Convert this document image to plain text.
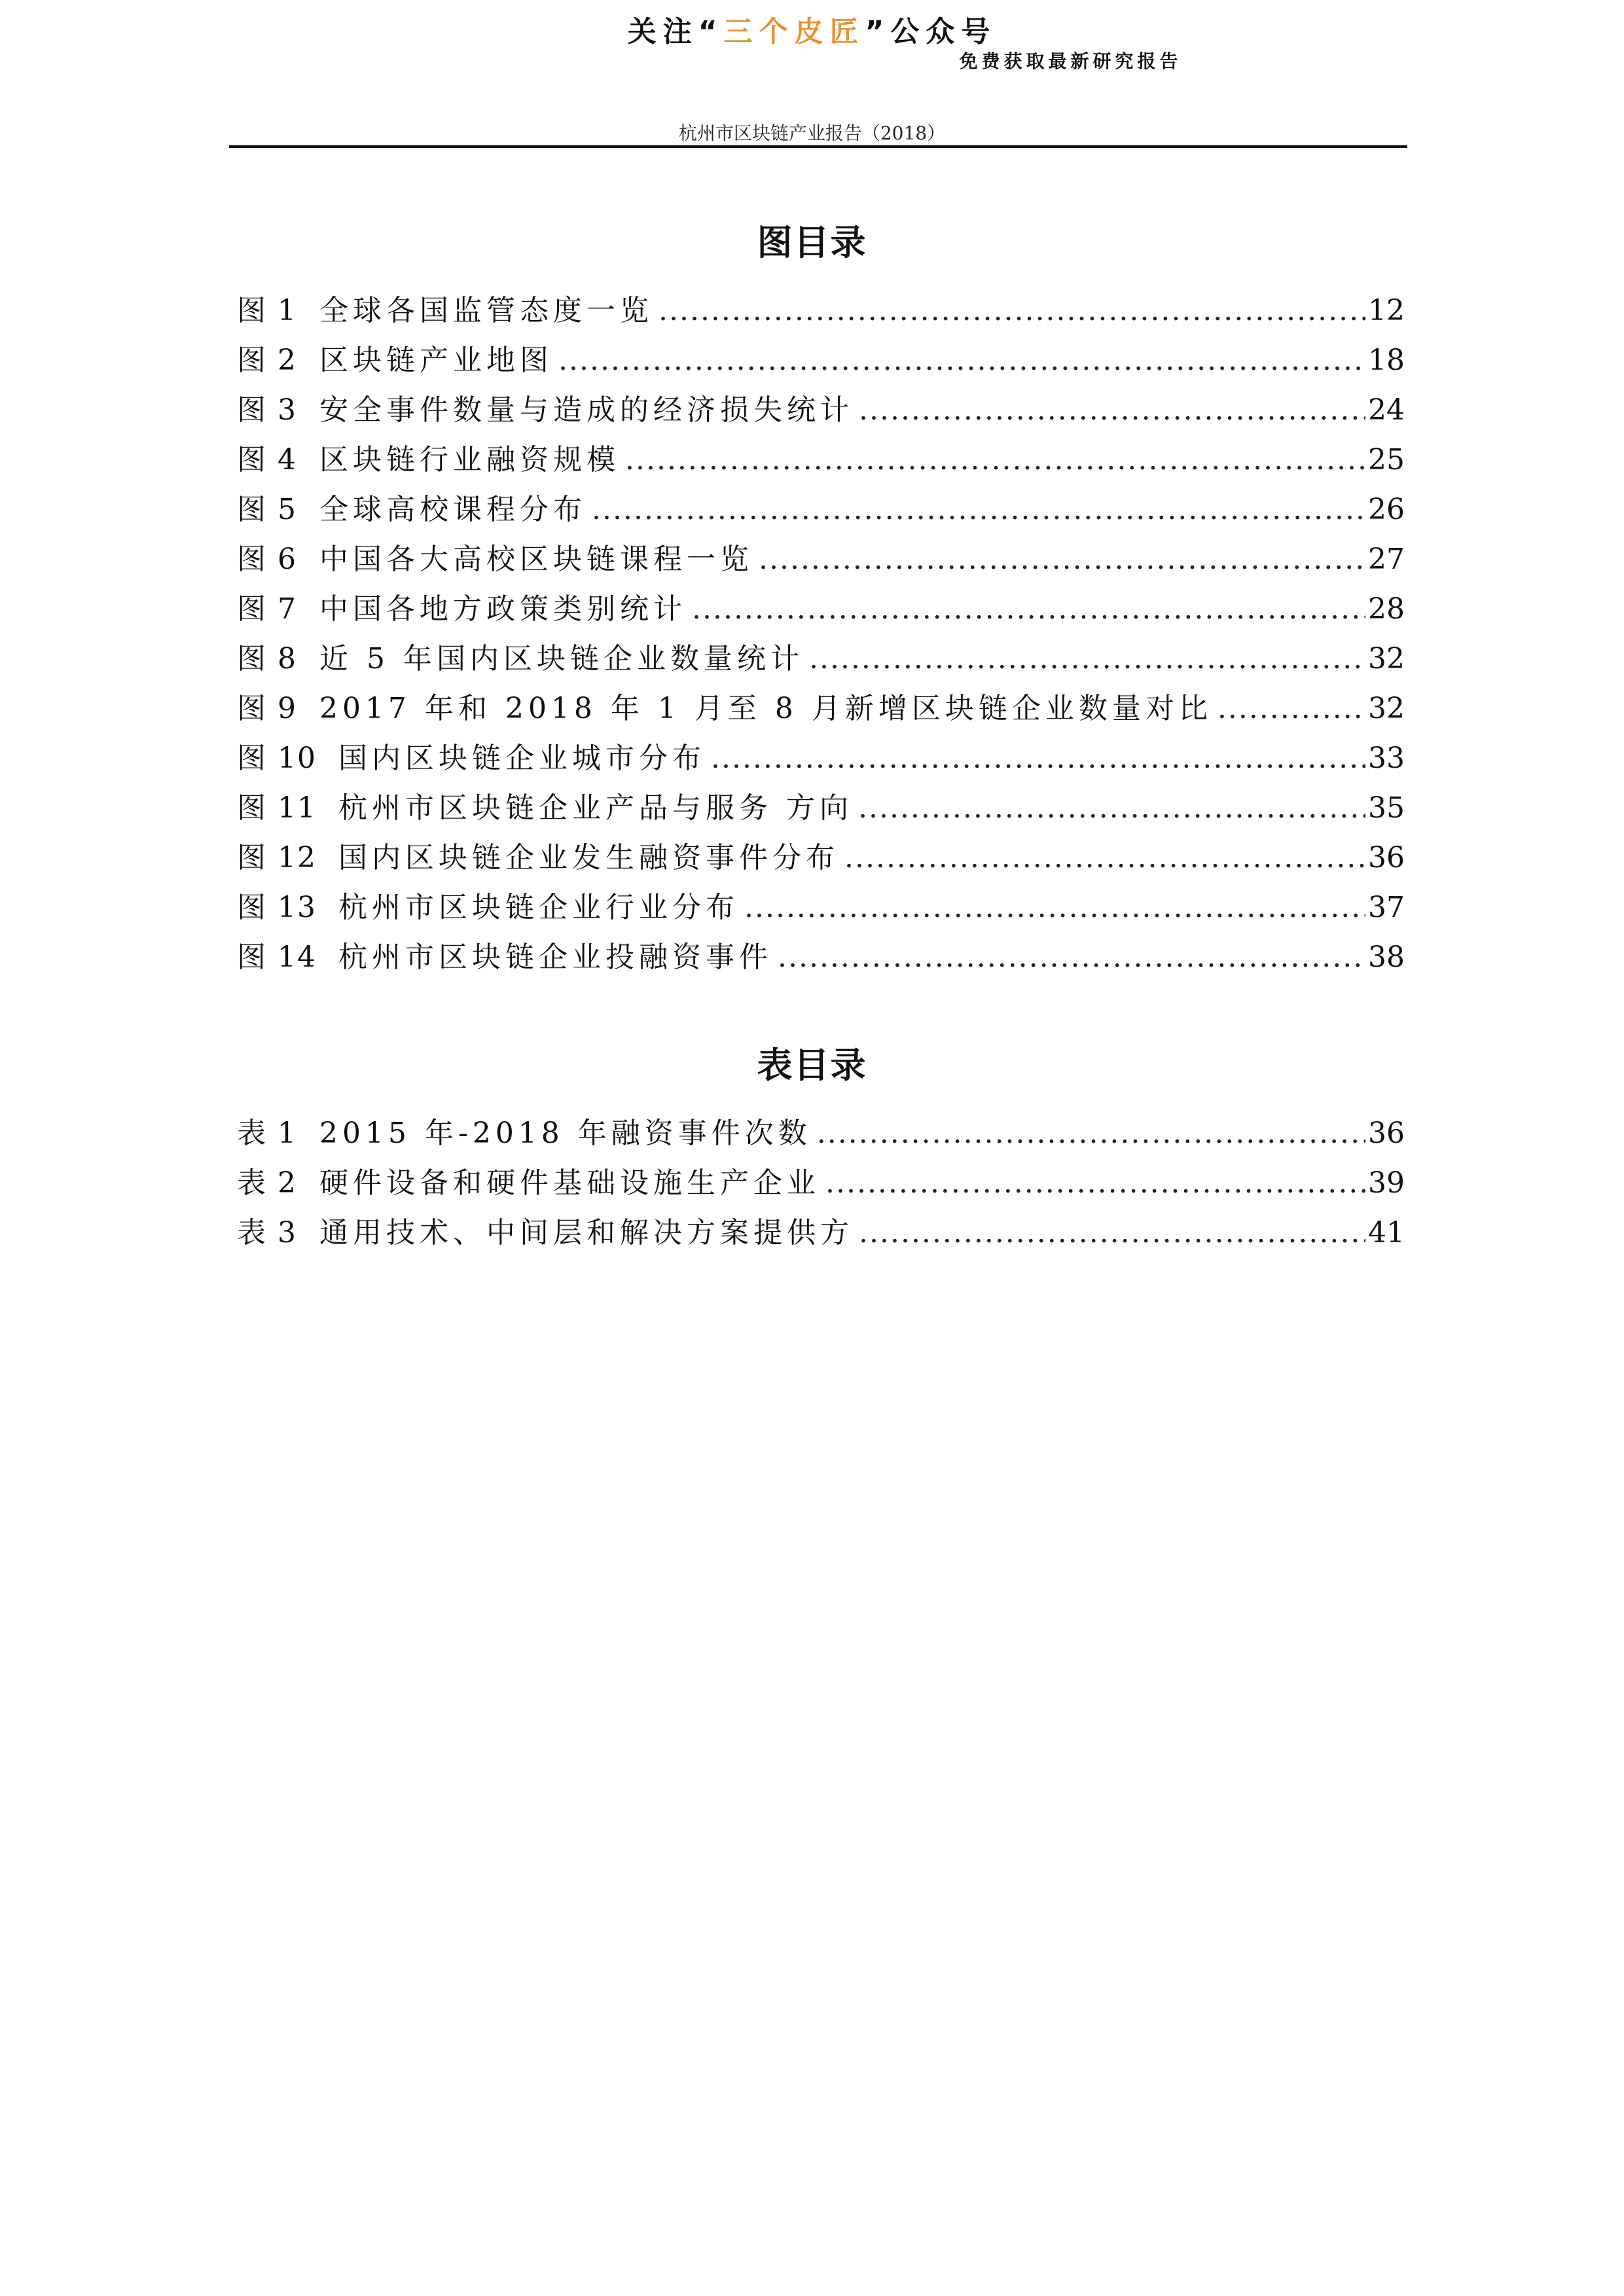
关注“三个皮匠”公众号
免费获取最新研究报告
杭州市区块链产业报告（2018）
图目录
图 1 全球各国监管态度一览 .....	12
图 2 区块链产业地图 .....	18
图 3 安全事件数量与造成的经济损失统计 .....	24
图 4 区块链行业融资规模 .....	25
图 5 全球高校课程分布 .....	26
图 6 中国各大高校区块链课程一览 .....	27
图 7 中国各地方政策类别统计 .....	28
图 8 近 5 年国内区块链企业数量统计 .....	32
图 9 2017 年和 2018 年 1 月至 8 月新增区块链企业数量对比 .....	32
图 10 国内区块链企业城市分布 .....	33
图 11 杭州市区块链企业产品与服务 方向 .....	35
图 12 国内区块链企业发生融资事件分布 .....	36
图 13 杭州市区块链企业行业分布 .....	37
图 14 杭州市区块链企业投融资事件 .....	38
表目录
表 1 2015 年-2018 年融资事件次数 .....	36
表 2 硬件设备和硬件基础设施生产企业 .....	39
表 3 通用技术、中间层和解决方案提供方 .....	41
